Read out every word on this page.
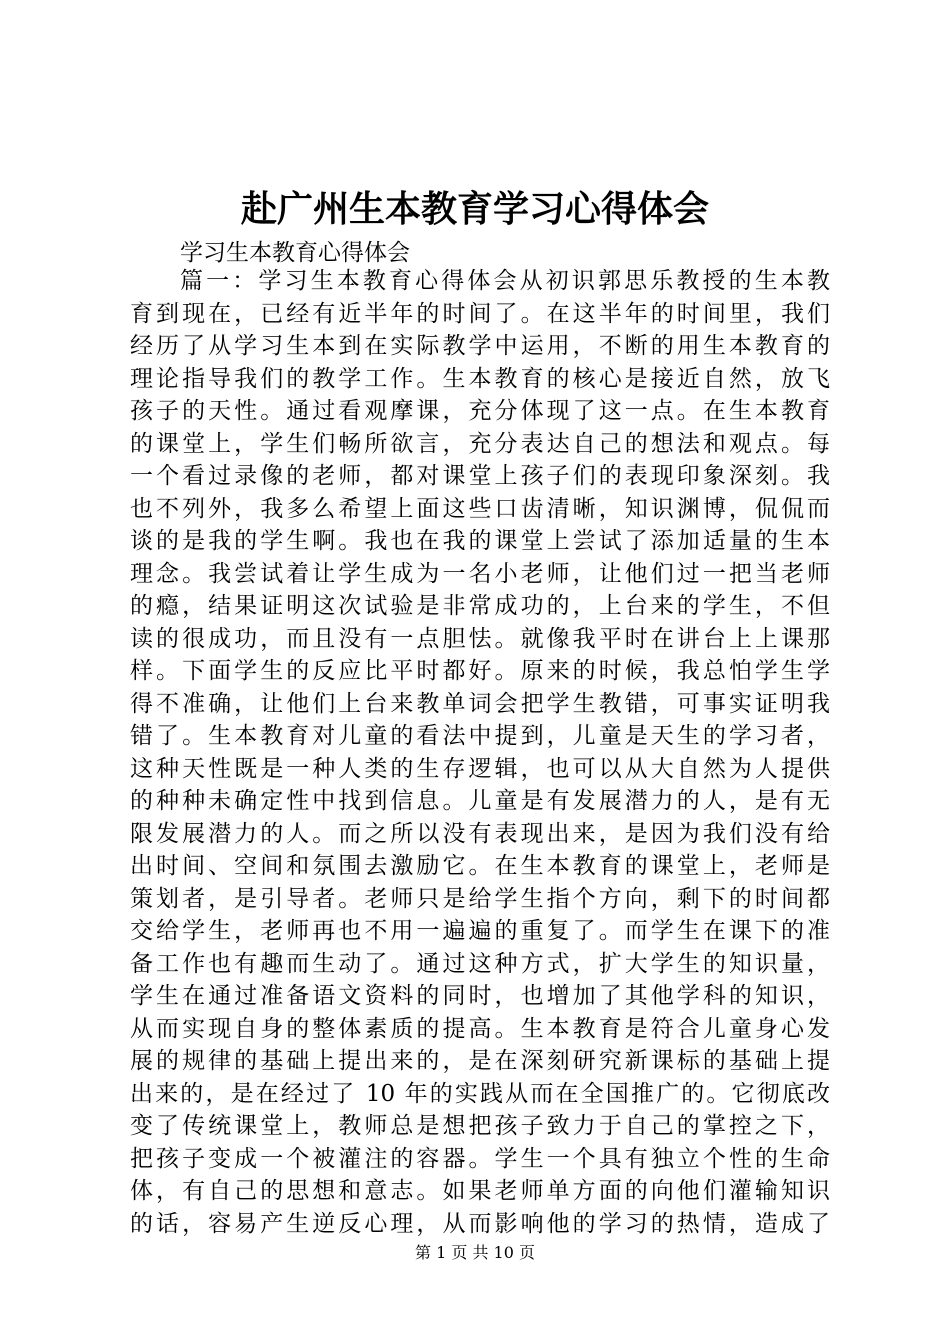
赴广州生本教育学习心得体会

学习生本教育心得体会

篇一：学习生本教育心得体会从初识郭思乐教授的生本教
育到现在，已经有近半年的时间了。在这半年的时间里，我们
经历了从学习生本到在实际教学中运用，不断的用生本教育的
理论指导我们的教学工作。生本教育的核心是接近自然，放飞
孩子的天性。通过看观摩课，充分体现了这一点。在生本教育
的课堂上，学生们畅所欲言，充分表达自己的想法和观点。每
一个看过录像的老师，都对课堂上孩子们的表现印象深刻。我
也不列外，我多么希望上面这些口齿清晰，知识渊博，侃侃而
谈的是我的学生啊。我也在我的课堂上尝试了添加适量的生本
理念。我尝试着让学生成为一名小老师，让他们过一把当老师
的瘾，结果证明这次试验是非常成功的，上台来的学生，不但
读的很成功，而且没有一点胆怯。就像我平时在讲台上上课那
样。下面学生的反应比平时都好。原来的时候，我总怕学生学
得不准确，让他们上台来教单词会把学生教错，可事实证明我
错了。生本教育对儿童的看法中提到，儿童是天生的学习者，
这种天性既是一种人类的生存逻辑，也可以从大自然为人提供
的种种未确定性中找到信息。儿童是有发展潜力的人，是有无
限发展潜力的人。而之所以没有表现出来，是因为我们没有给
出时间、空间和氛围去激励它。在生本教育的课堂上，老师是
策划者，是引导者。老师只是给学生指个方向，剩下的时间都
交给学生，老师再也不用一遍遍的重复了。而学生在课下的准
备工作也有趣而生动了。通过这种方式，扩大学生的知识量，
学生在通过准备语文资料的同时，也增加了其他学科的知识，
从而实现自身的整体素质的提高。生本教育是符合儿童身心发
展的规律的基础上提出来的，是在深刻研究新课标的基础上提
出来的，是在经过了 10 年的实践从而在全国推广的。它彻底改
变了传统课堂上，教师总是想把孩子致力于自己的掌控之下，
把孩子变成一个被灌注的容器。学生一个具有独立个性的生命
体，有自己的思想和意志。如果老师单方面的向他们灌输知识
的话，容易产生逆反心理，从而影响他的学习的热情，造成了
第 1 页 共 10 页
